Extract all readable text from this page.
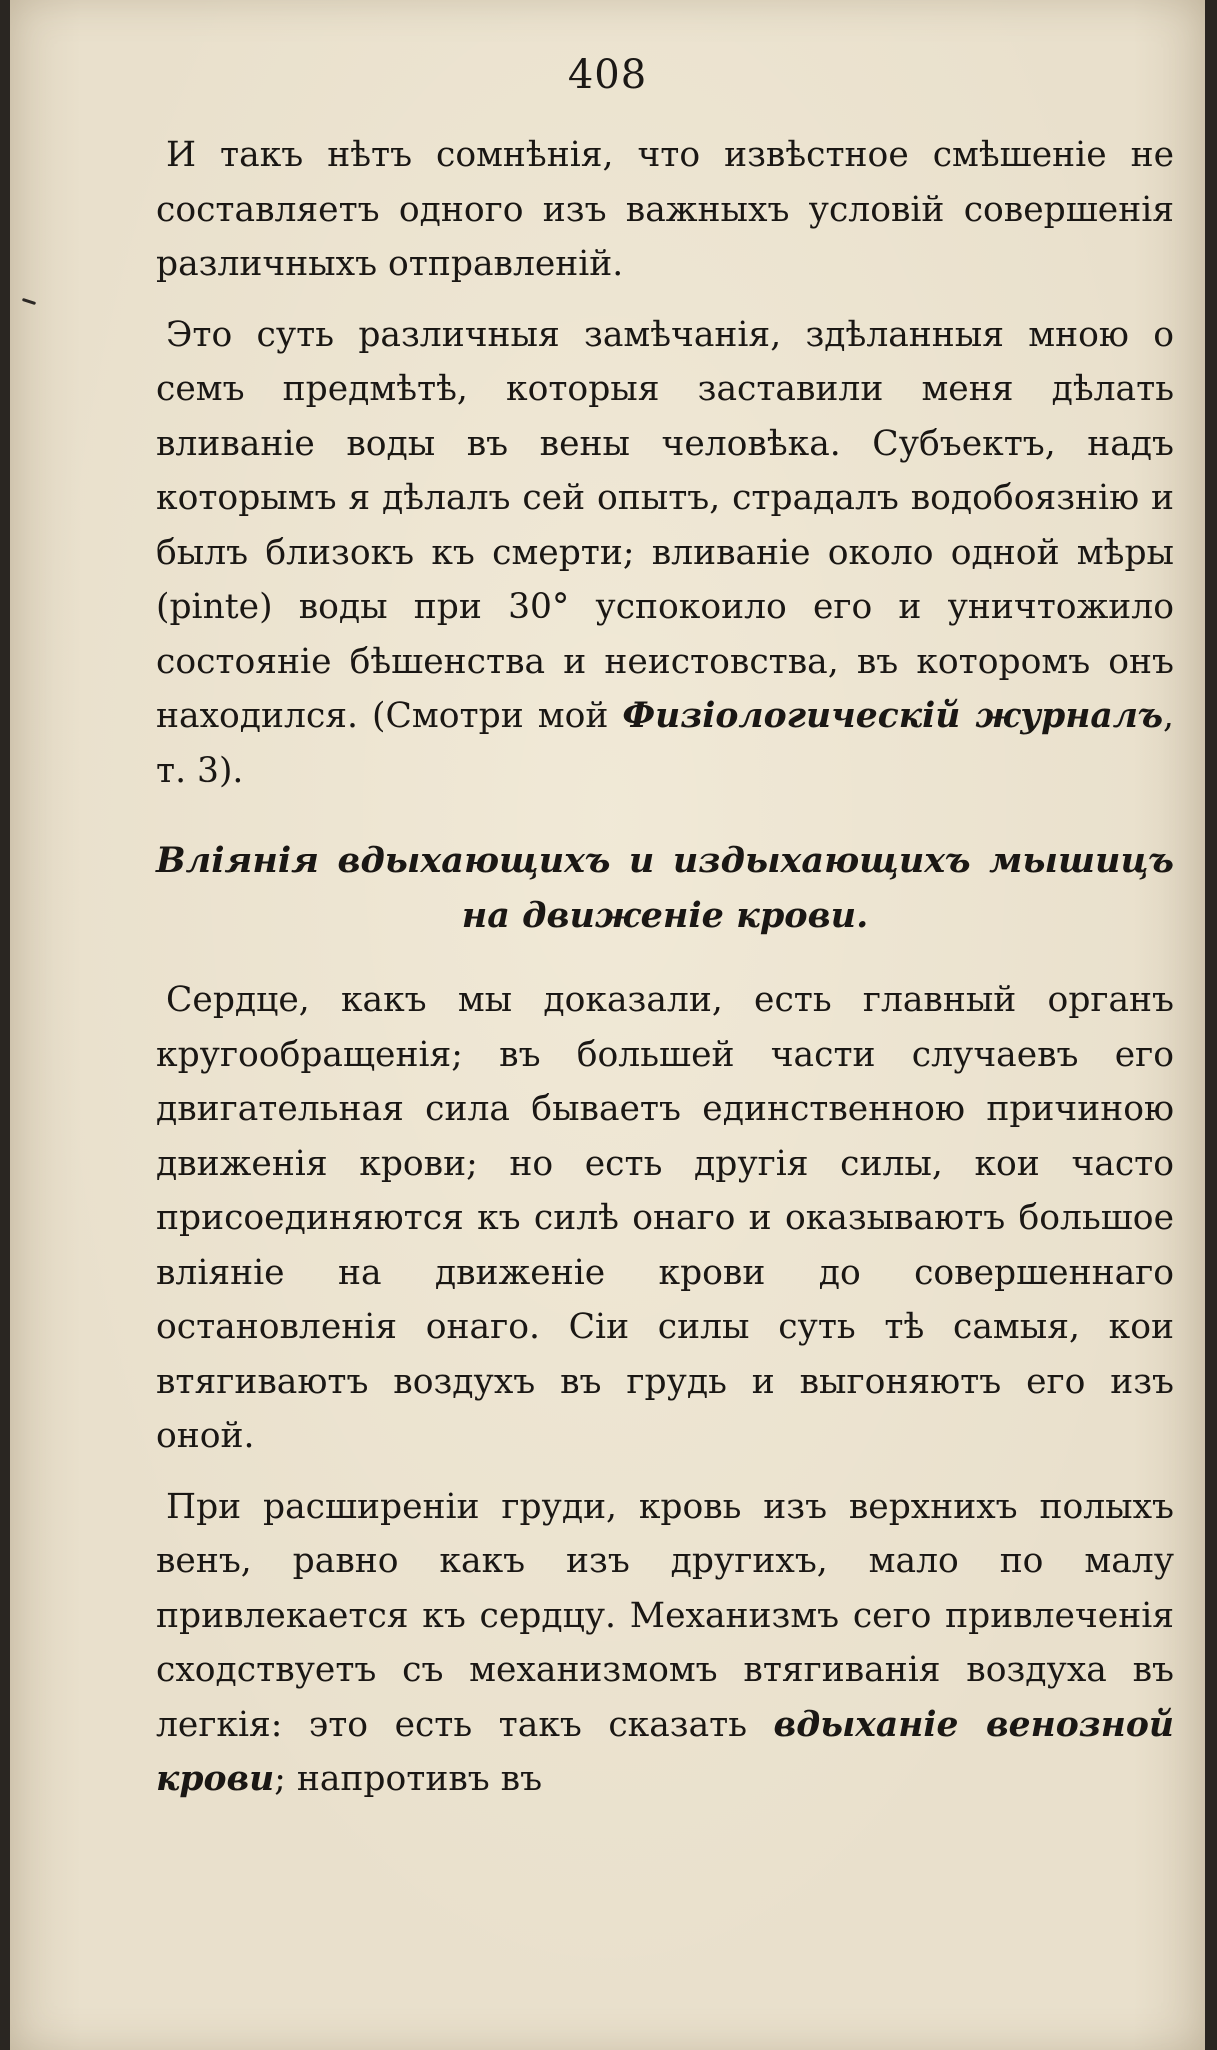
408

И такъ нѣтъ сомнѣнія, что извѣстное смѣшеніе не составляетъ одного изъ важныхъ условій совершенія различныхъ отправленій.

Это суть различныя замѣчанія, здѣланныя мною о семъ предмѣтѣ, которыя заставили меня дѣлать вливаніе воды въ вены человѣка. Субъектъ, надъ которымъ я дѣлалъ сей опытъ, страдалъ водобоязнію и былъ близокъ къ смерти; вливаніе около одной мѣры (pinte) воды при 30° успокоило его и уничтожило состояніе бѣшенства и неистовства, въ которомъ онъ находился. (Смотри мой Физіологическій журналъ, т. 3).

Вліянія вдыхающихъ и издыхающихъ мышицъ на движеніе крови.

Сердце, какъ мы доказали, есть главный органъ кругообращенія; въ большей части случаевъ его двигательная сила бываетъ единственною причиною движенія крови; но есть другія силы, кои часто присоединяются къ силѣ онаго и оказываютъ большое вліяніе на движеніе крови до совершеннаго остановленія онаго. Сіи силы суть тѣ самыя, кои втягиваютъ воздухъ въ грудь и выгоняютъ его изъ оной.

При расширеніи груди, кровь изъ верхнихъ полыхъ венъ, равно какъ изъ другихъ, мало по малу привлекается къ сердцу. Механизмъ сего привлеченія сходствуетъ съ механизмомъ втягиванія воздуха въ легкія: это есть такъ сказать вдыханіе венозной крови; напротивъ въ
